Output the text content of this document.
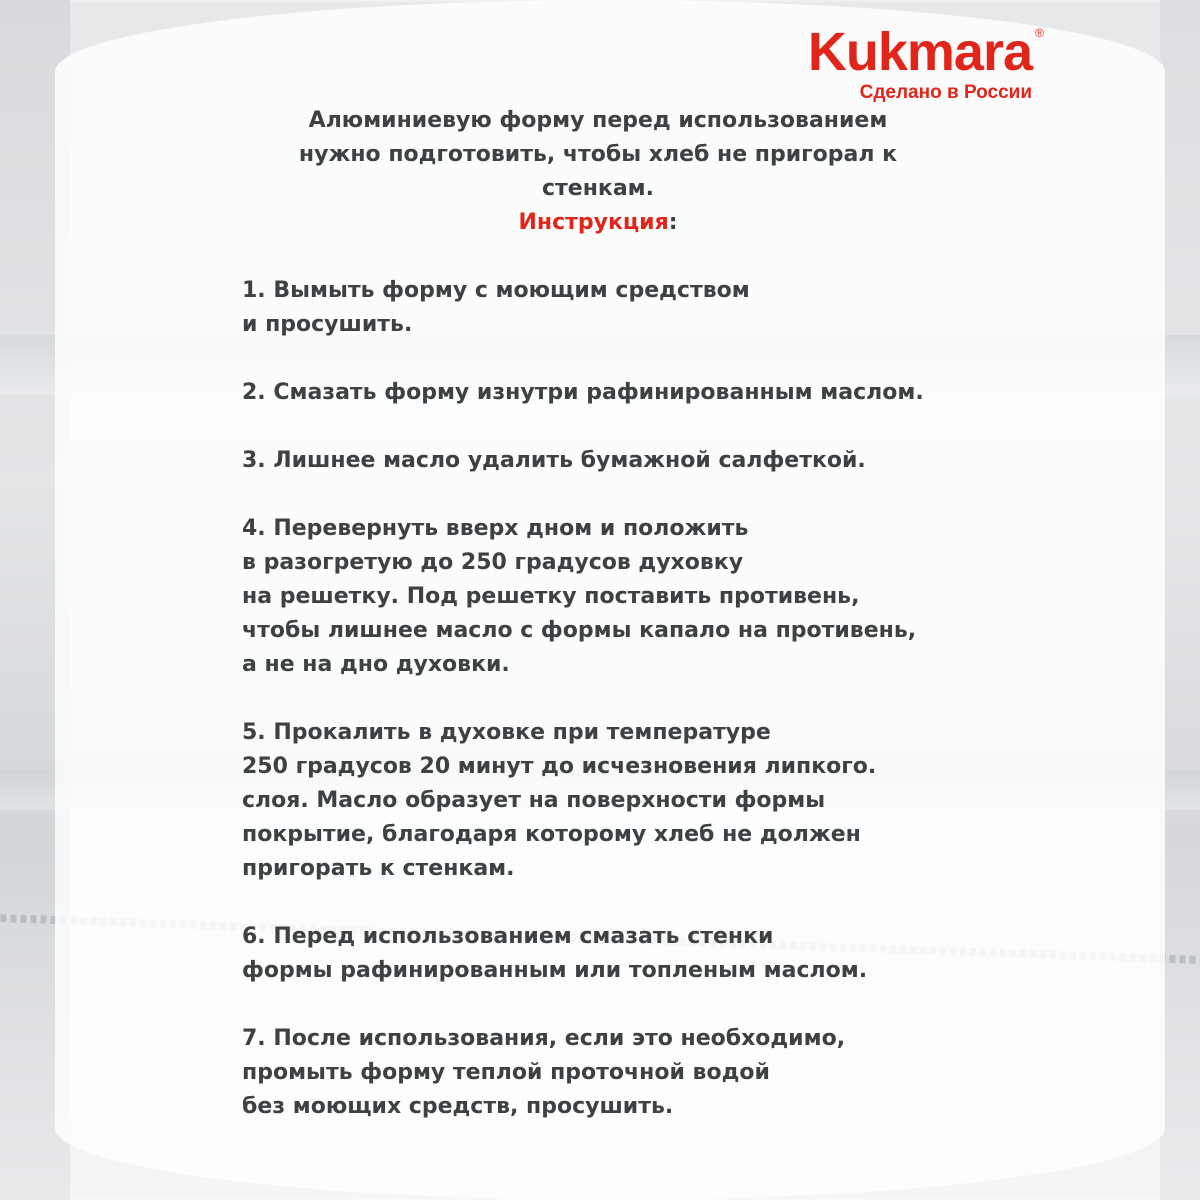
Kukmara ®
Сделано в России
Алюминиевую форму перед использованием
нужно подготовить, чтобы хлеб не пригорал к стенкам.
Инструкция:
1. Вымыть форму с моющим средством
и просушить.
2. Смазать форму изнутри рафинированным маслом.
3. Лишнее масло удалить бумажной салфеткой.
4. Перевернуть вверх дном и положить
в разогретую до 250 градусов духовку
на решетку. Под решетку поставить противень,
чтобы лишнее масло с формы капало на противень,
а не на дно духовки.
5. Прокалить в духовке при температуре
250 градусов 20 минут до исчезновения липкого.
слоя. Масло образует на поверхности формы
покрытие, благодаря которому хлеб не должен
пригорать к стенкам.
6. Перед использованием смазать стенки
формы рафинированным или топленым маслом.
7. После использования, если это необходимо,
промыть форму теплой проточной водой
без моющих средств, просушить.
